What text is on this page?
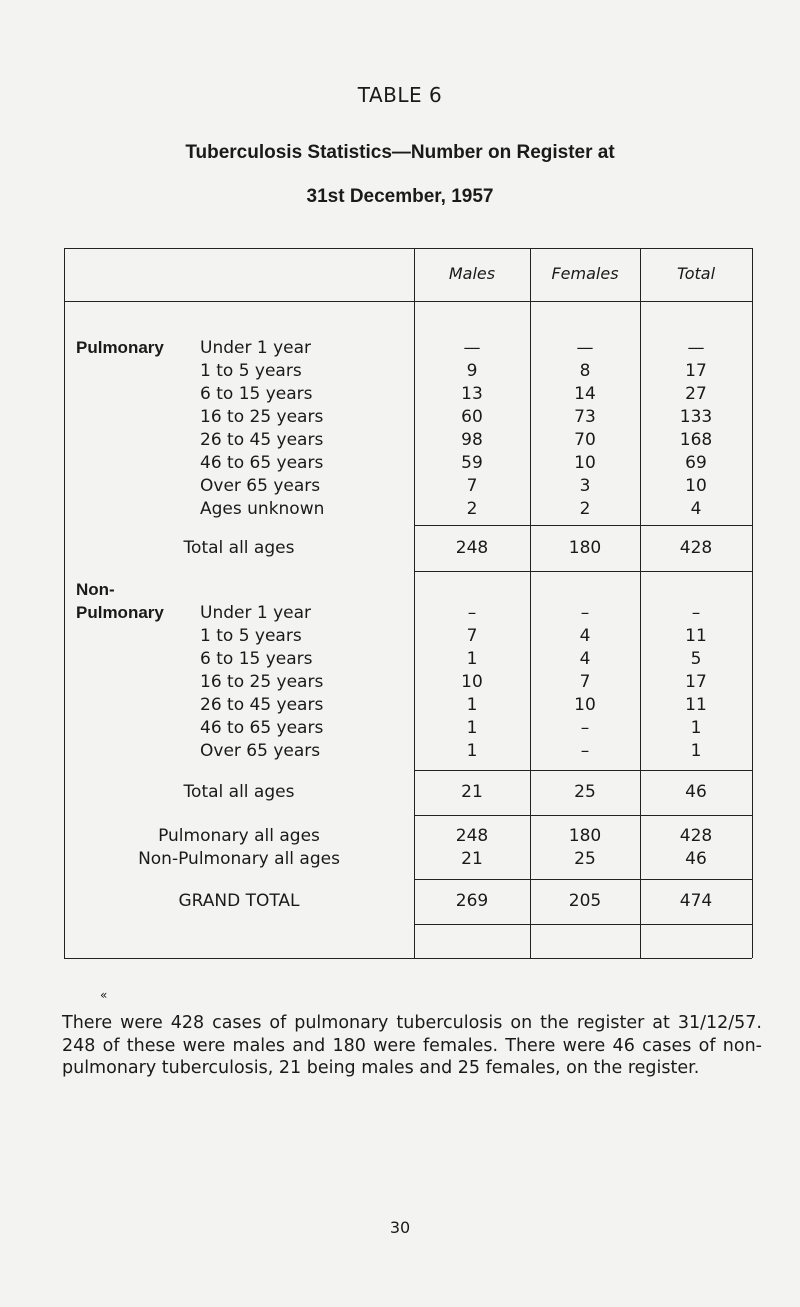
TABLE 6
Tuberculosis Statistics—Number on Register at
31st December, 1957
Males	Females	Total
Pulmonary Under 1 year	—	—	—
1 to 5 years	9	8	17
6 to 15 years	13	14	27
16 to 25 years	60	73	133
26 to 45 years	98	70	168
46 to 65 years	59	10	69
Over 65 years	7	3	10
Ages unknown	2	2	4
Total all ages	248	180	428
Non-
Pulmonary Under 1 year	–	–	–
1 to 5 years	7	4	11
6 to 15 years	1	4	5
16 to 25 years	10	7	17
26 to 45 years	1	10	11
46 to 65 years	1	–	1
Over 65 years	1	–	1
Total all ages	21	25	46
Pulmonary all ages	248	180	428
Non-Pulmonary all ages	21	25	46
GRAND TOTAL	269	205	474
«
There were 428 cases of pulmonary tuberculosis on the register at 31/12/57. 248 of these were males and 180 were females. There were 46 cases of non-pulmonary tuberculosis, 21 being males and 25 females, on the register.
30
